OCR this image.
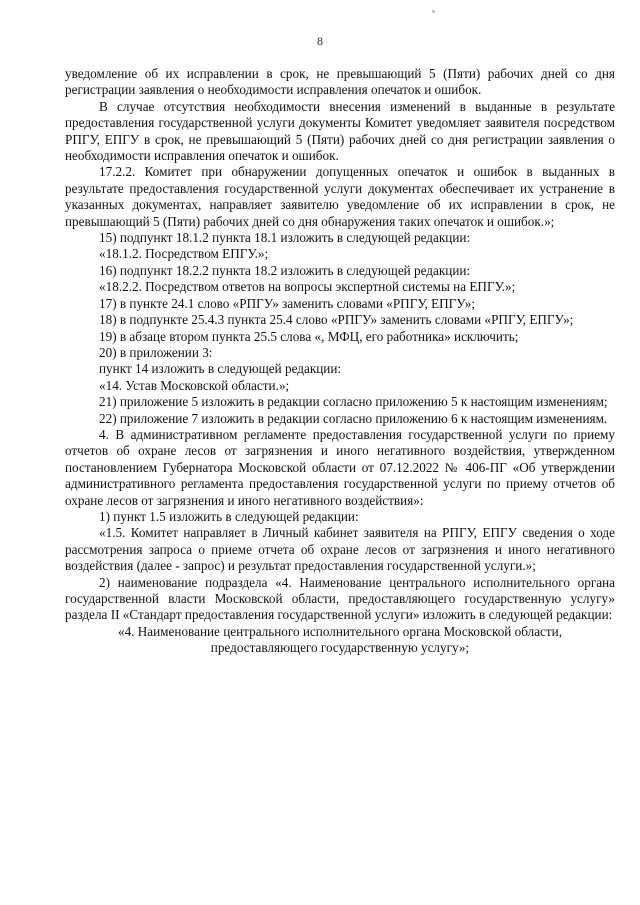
8

уведомление об их исправлении в срок, не превышающий 5 (Пяти) рабочих дней со дня регистрации заявления о необходимости исправления опечаток и ошибок.

В случае отсутствия необходимости внесения изменений в выданные в результате предоставления государственной услуги документы Комитет уведомляет заявителя посредством РПГУ, ЕПГУ в срок, не превышающий 5 (Пяти) рабочих дней со дня регистрации заявления о необходимости исправления опечаток и ошибок.

17.2.2. Комитет при обнаружении допущенных опечаток и ошибок в выданных в результате предоставления государственной услуги документах обеспечивает их устранение в указанных документах, направляет заявителю уведомление об их исправлении в срок, не превышающий 5 (Пяти) рабочих дней со дня обнаружения таких опечаток и ошибок.»;

15) подпункт 18.1.2 пункта 18.1 изложить в следующей редакции:

«18.1.2. Посредством ЕПГУ.»;

16) подпункт 18.2.2 пункта 18.2 изложить в следующей редакции:

«18.2.2. Посредством ответов на вопросы экспертной системы на ЕПГУ.»;

17) в пункте 24.1 слово «РПГУ» заменить словами «РПГУ, ЕПГУ»;

18) в подпункте 25.4.3 пункта 25.4 слово «РПГУ» заменить словами «РПГУ, ЕПГУ»;

19) в абзаце втором пункта 25.5 слова «, МФЦ, его работника» исключить;

20) в приложении 3:

пункт 14 изложить в следующей редакции:

«14. Устав Московской области.»;

21) приложение 5 изложить в редакции согласно приложению 5 к настоящим изменениям;

22) приложение 7 изложить в редакции согласно приложению 6 к настоящим изменениям.

4. В административном регламенте предоставления государственной услуги по приему отчетов об охране лесов от загрязнения и иного негативного воздействия, утвержденном постановлением Губернатора Московской области от 07.12.2022 № 406-ПГ «Об утверждении административного регламента предоставления государственной услуги по приему отчетов об охране лесов от загрязнения и иного негативного воздействия»:

1) пункт 1.5 изложить в следующей редакции:

«1.5. Комитет направляет в Личный кабинет заявителя на РПГУ, ЕПГУ сведения о ходе рассмотрения запроса о приеме отчета об охране лесов от загрязнения и иного негативного воздействия (далее - запрос) и результат предоставления государственной услуги.»;

2) наименование подраздела «4. Наименование центрального исполнительного органа государственной власти Московской области, предоставляющего государственную услугу» раздела II «Стандарт предоставления государственной услуги» изложить в следующей редакции:

«4. Наименование центрального исполнительного органа Московской области, предоставляющего государственную услугу»;
